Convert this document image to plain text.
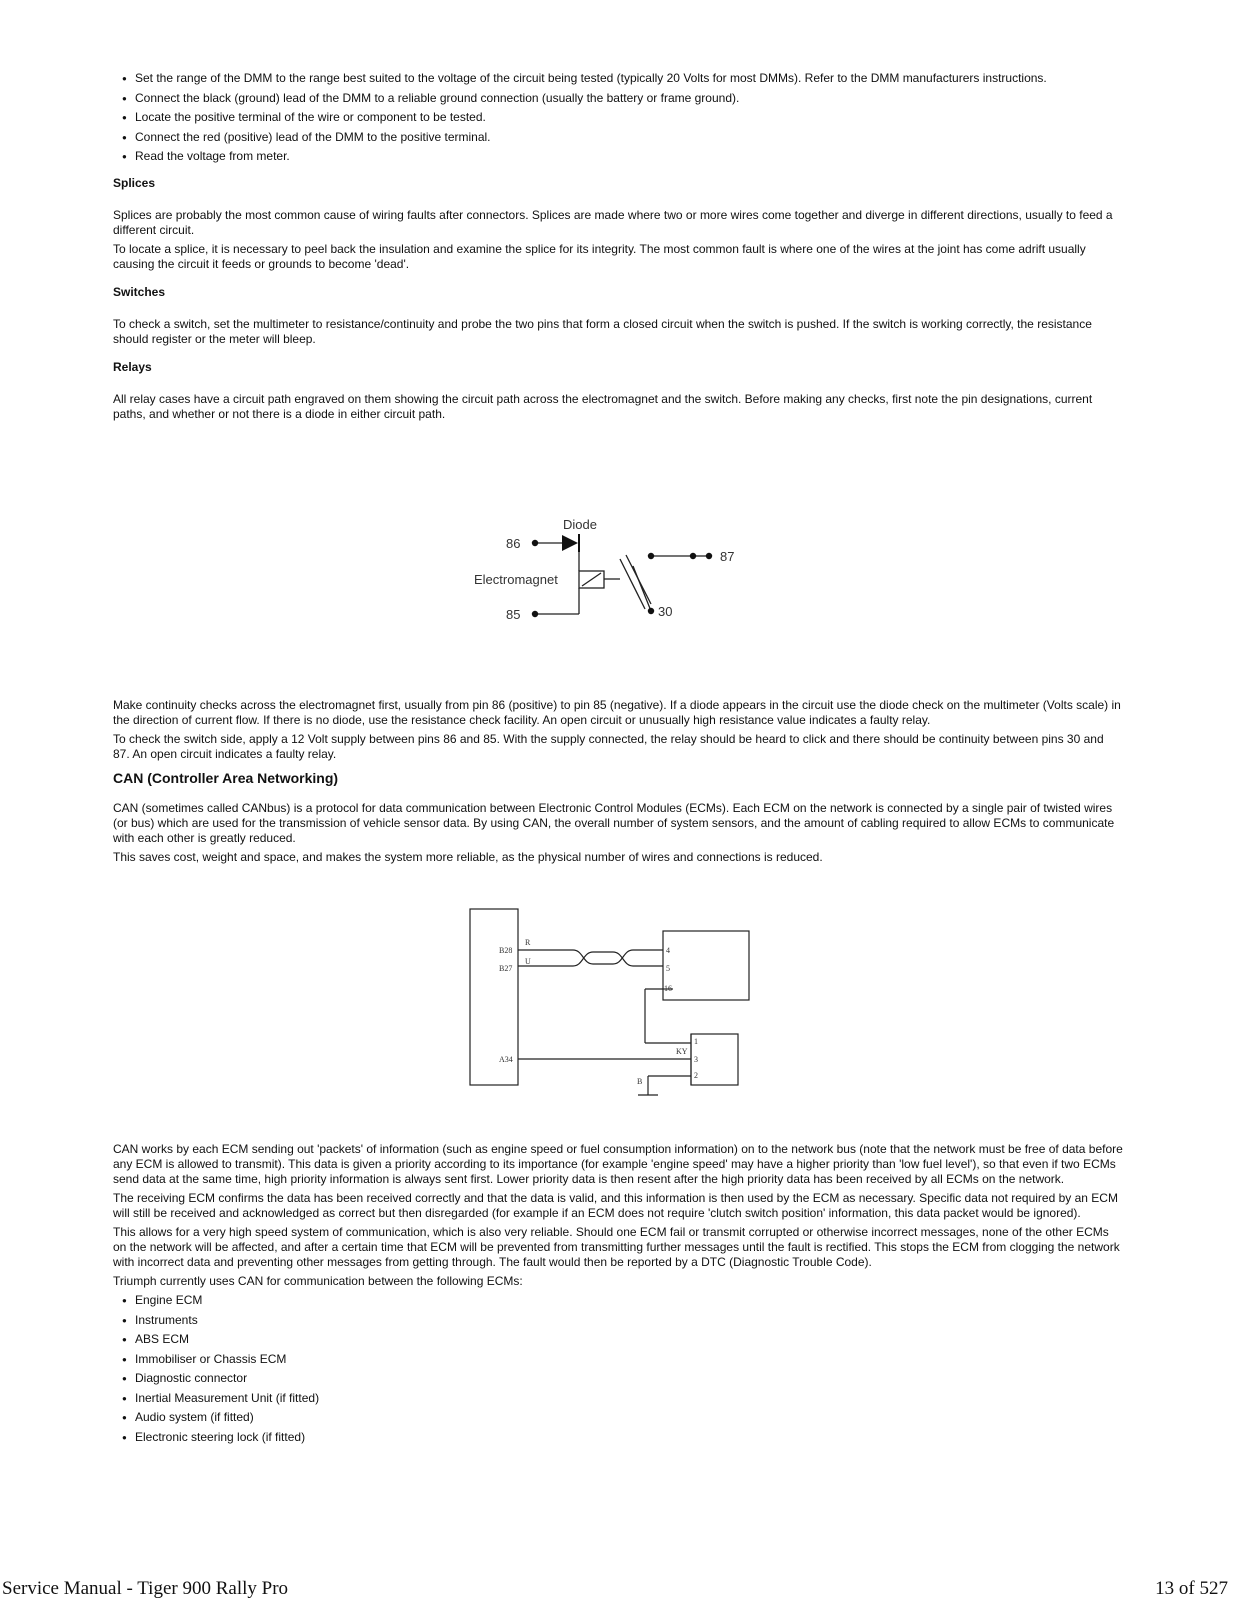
● Set the range of the DMM to the range best suited to the voltage of the circuit being tested (typically 20 Volts for most DMMs). Refer to the DMM manufacturers instructions.
● Connect the black (ground) lead of the DMM to a reliable ground connection (usually the battery or frame ground).
● Locate the positive terminal of the wire or component to be tested.
● Connect the red (positive) lead of the DMM to the positive terminal.
● Read the voltage from meter.
Splices

Splices are probably the most common cause of wiring faults after connectors. Splices are made where two or more wires come together and diverge in different directions, usually to feed a different circuit.

To locate a splice, it is necessary to peel back the insulation and examine the splice for its integrity. The most common fault is where one of the wires at the joint has come adrift usually causing the circuit it feeds or grounds to become 'dead'.

Switches

To check a switch, set the multimeter to resistance/continuity and probe the two pins that form a closed circuit when the switch is pushed. If the switch is working correctly, the resistance should register or the meter will bleep.

Relays

All relay cases have a circuit path engraved on them showing the circuit path across the electromagnet and the switch. Before making any checks, first note the pin designations, current paths, and whether or not there is a diode in either circuit path.

Diode
86
Electromagnet
85
87
30

Make continuity checks across the electromagnet first, usually from pin 86 (positive) to pin 85 (negative). If a diode appears in the circuit use the diode check on the multimeter (Volts scale) in the direction of current flow. If there is no diode, use the resistance check facility. An open circuit or unusually high resistance value indicates a faulty relay.

To check the switch side, apply a 12 Volt supply between pins 86 and 85. With the supply connected, the relay should be heard to click and there should be continuity between pins 30 and 87. An open circuit indicates a faulty relay.

CAN (Controller Area Networking)

CAN (sometimes called CANbus) is a protocol for data communication between Electronic Control Modules (ECMs). Each ECM on the network is connected by a single pair of twisted wires (or bus) which are used for the transmission of vehicle sensor data. By using CAN, the overall number of system sensors, and the amount of cabling required to allow ECMs to communicate with each other is greatly reduced.

This saves cost, weight and space, and makes the system more reliable, as the physical number of wires and connections is reduced.

B28
B27
A34
R
U
4
5
16
1
3
2
KY
B

CAN works by each ECM sending out 'packets' of information (such as engine speed or fuel consumption information) on to the network bus (note that the network must be free of data before any ECM is allowed to transmit). This data is given a priority according to its importance (for example 'engine speed' may have a higher priority than 'low fuel level'), so that even if two ECMs send data at the same time, high priority information is always sent first. Lower priority data is then resent after the high priority data has been received by all ECMs on the network.

The receiving ECM confirms the data has been received correctly and that the data is valid, and this information is then used by the ECM as necessary. Specific data not required by an ECM will still be received and acknowledged as correct but then disregarded (for example if an ECM does not require 'clutch switch position' information, this data packet would be ignored).

This allows for a very high speed system of communication, which is also very reliable. Should one ECM fail or transmit corrupted or otherwise incorrect messages, none of the other ECMs on the network will be affected, and after a certain time that ECM will be prevented from transmitting further messages until the fault is rectified. This stops the ECM from clogging the network with incorrect data and preventing other messages from getting through. The fault would then be reported by a DTC (Diagnostic Trouble Code).

Triumph currently uses CAN for communication between the following ECMs:

● Engine ECM
● Instruments
● ABS ECM
● Immobiliser or Chassis ECM
● Diagnostic connector
● Inertial Measurement Unit (if fitted)
● Audio system (if fitted)
● Electronic steering lock (if fitted)
Service Manual - Tiger 900 Rally Pro	13 of 527
